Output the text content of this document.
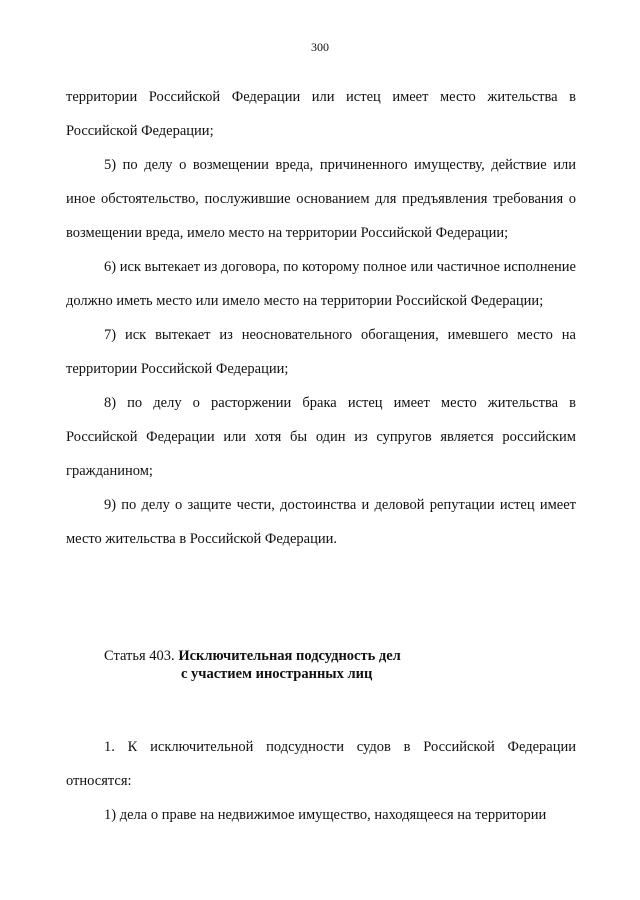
300

территории Российской Федерации или истец имеет место жительства в Российской Федерации;

5) по делу о возмещении вреда, причиненного имуществу, действие или иное обстоятельство, послужившие основанием для предъявления требования о возмещении вреда, имело место на территории Российской Федерации;

6) иск вытекает из договора, по которому полное или частичное исполнение должно иметь место или имело место на территории Российской Федерации;

7) иск вытекает из неосновательного обогащения, имевшего место на территории Российской Федерации;

8) по делу о расторжении брака истец имеет место жительства в Российской Федерации или хотя бы один из супругов является российским гражданином;

9) по делу о защите чести, достоинства и деловой репутации истец имеет место жительства в Российской Федерации.

Статья 403. Исключительная подсудность дел
с участием иностранных лиц

1. К исключительной подсудности судов в Российской Федерации относятся:

1) дела о праве на недвижимое имущество, находящееся на территории
